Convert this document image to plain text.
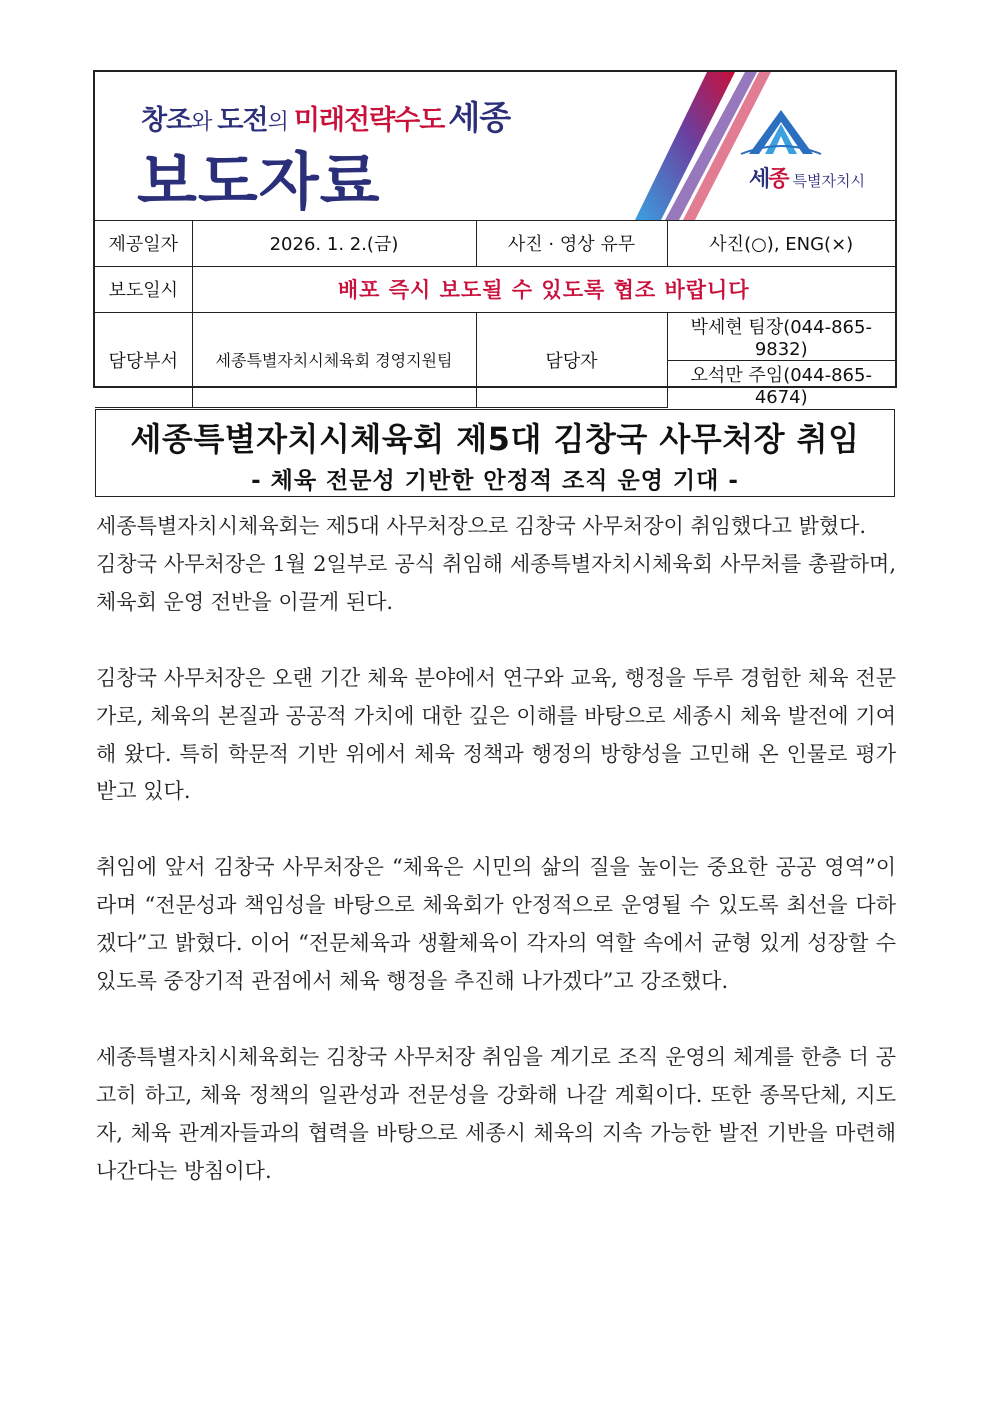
창조와 도전의 미래전략수도 세종
보도자료	세종 특별자치시
제공일자	2026. 1. 2.(금)	사진 · 영상 유무	사진(○), ENG(×)
보도일시	배포 즉시 보도될 수 있도록 협조 바랍니다		
담당부서	세종특별자치시체육회 경영지원팀	담당자	박세현 팀장(044-865-9832)
			오석만 주임(044-865-4674)
세종특별자치시체육회 제5대 김창국 사무처장 취임
- 체육 전문성 기반한 안정적 조직 운영 기대 -

세종특별자치시체육회는 제5대 사무처장으로 김창국 사무처장이 취임했다고 밝혔다.

김창국 사무처장은 1월 2일부로 공식 취임해 세종특별자치시체육회 사무처를 총괄하며, 체육회 운영 전반을 이끌게 된다.

김창국 사무처장은 오랜 기간 체육 분야에서 연구와 교육, 행정을 두루 경험한 체육 전문가로, 체육의 본질과 공공적 가치에 대한 깊은 이해를 바탕으로 세종시 체육 발전에 기여해 왔다. 특히 학문적 기반 위에서 체육 정책과 행정의 방향성을 고민해 온 인물로 평가받고 있다.

취임에 앞서 김창국 사무처장은 “체육은 시민의 삶의 질을 높이는 중요한 공공 영역”이라며 “전문성과 책임성을 바탕으로 체육회가 안정적으로 운영될 수 있도록 최선을 다하겠다”고 밝혔다. 이어 “전문체육과 생활체육이 각자의 역할 속에서 균형 있게 성장할 수 있도록 중장기적 관점에서 체육 행정을 추진해 나가겠다”고 강조했다.

세종특별자치시체육회는 김창국 사무처장 취임을 계기로 조직 운영의 체계를 한층 더 공고히 하고, 체육 정책의 일관성과 전문성을 강화해 나갈 계획이다. 또한 종목단체, 지도자, 체육 관계자들과의 협력을 바탕으로 세종시 체육의 지속 가능한 발전 기반을 마련해 나간다는 방침이다.
